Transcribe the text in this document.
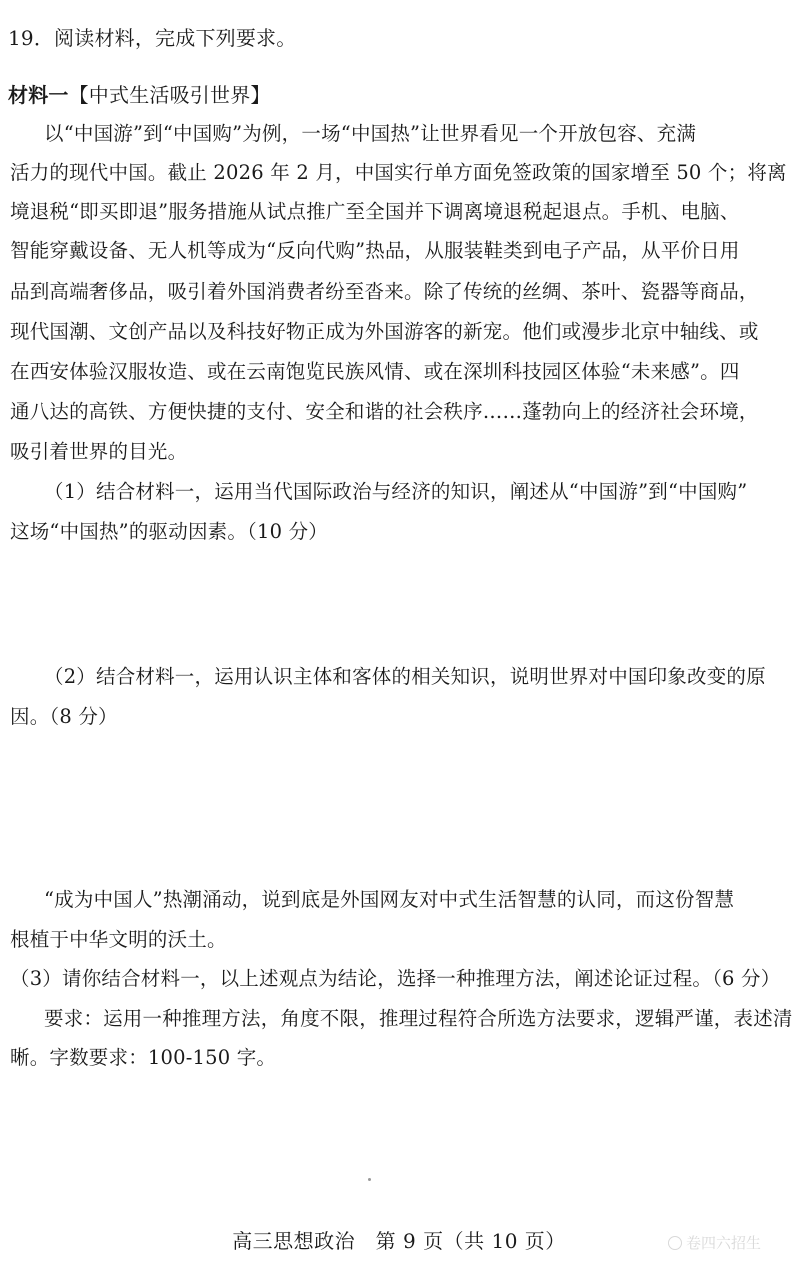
19．阅读材料，完成下列要求。
材料一【中式生活吸引世界】
以“中国游”到“中国购”为例，一场“中国热”让世界看见一个开放包容、充满
活力的现代中国。截止 2026 年 2 月，中国实行单方面免签政策的国家增至 50 个；将离
境退税“即买即退”服务措施从试点推广至全国并下调离境退税起退点。手机、电脑、
智能穿戴设备、无人机等成为“反向代购”热品，从服装鞋类到电子产品，从平价日用
品到高端奢侈品，吸引着外国消费者纷至沓来。除了传统的丝绸、茶叶、瓷器等商品，
现代国潮、文创产品以及科技好物正成为外国游客的新宠。他们或漫步北京中轴线、或
在西安体验汉服妆造、或在云南饱览民族风情、或在深圳科技园区体验“未来感”。四
通八达的高铁、方便快捷的支付、安全和谐的社会秩序……蓬勃向上的经济社会环境，
吸引着世界的目光。
（1）结合材料一，运用当代国际政治与经济的知识，阐述从“中国游”到“中国购”
这场“中国热”的驱动因素。（10 分）
（2）结合材料一，运用认识主体和客体的相关知识，说明世界对中国印象改变的原
因。（8 分）
“成为中国人”热潮涌动，说到底是外国网友对中式生活智慧的认同，而这份智慧
根植于中华文明的沃土。
（3）请你结合材料一，以上述观点为结论，选择一种推理方法，阐述论证过程。（6 分）
要求：运用一种推理方法，角度不限，推理过程符合所选方法要求，逻辑严谨，表述清
晰。字数要求：100-150 字。
高三思想政治　第 9 页（共 10 页）	卷四六招生
